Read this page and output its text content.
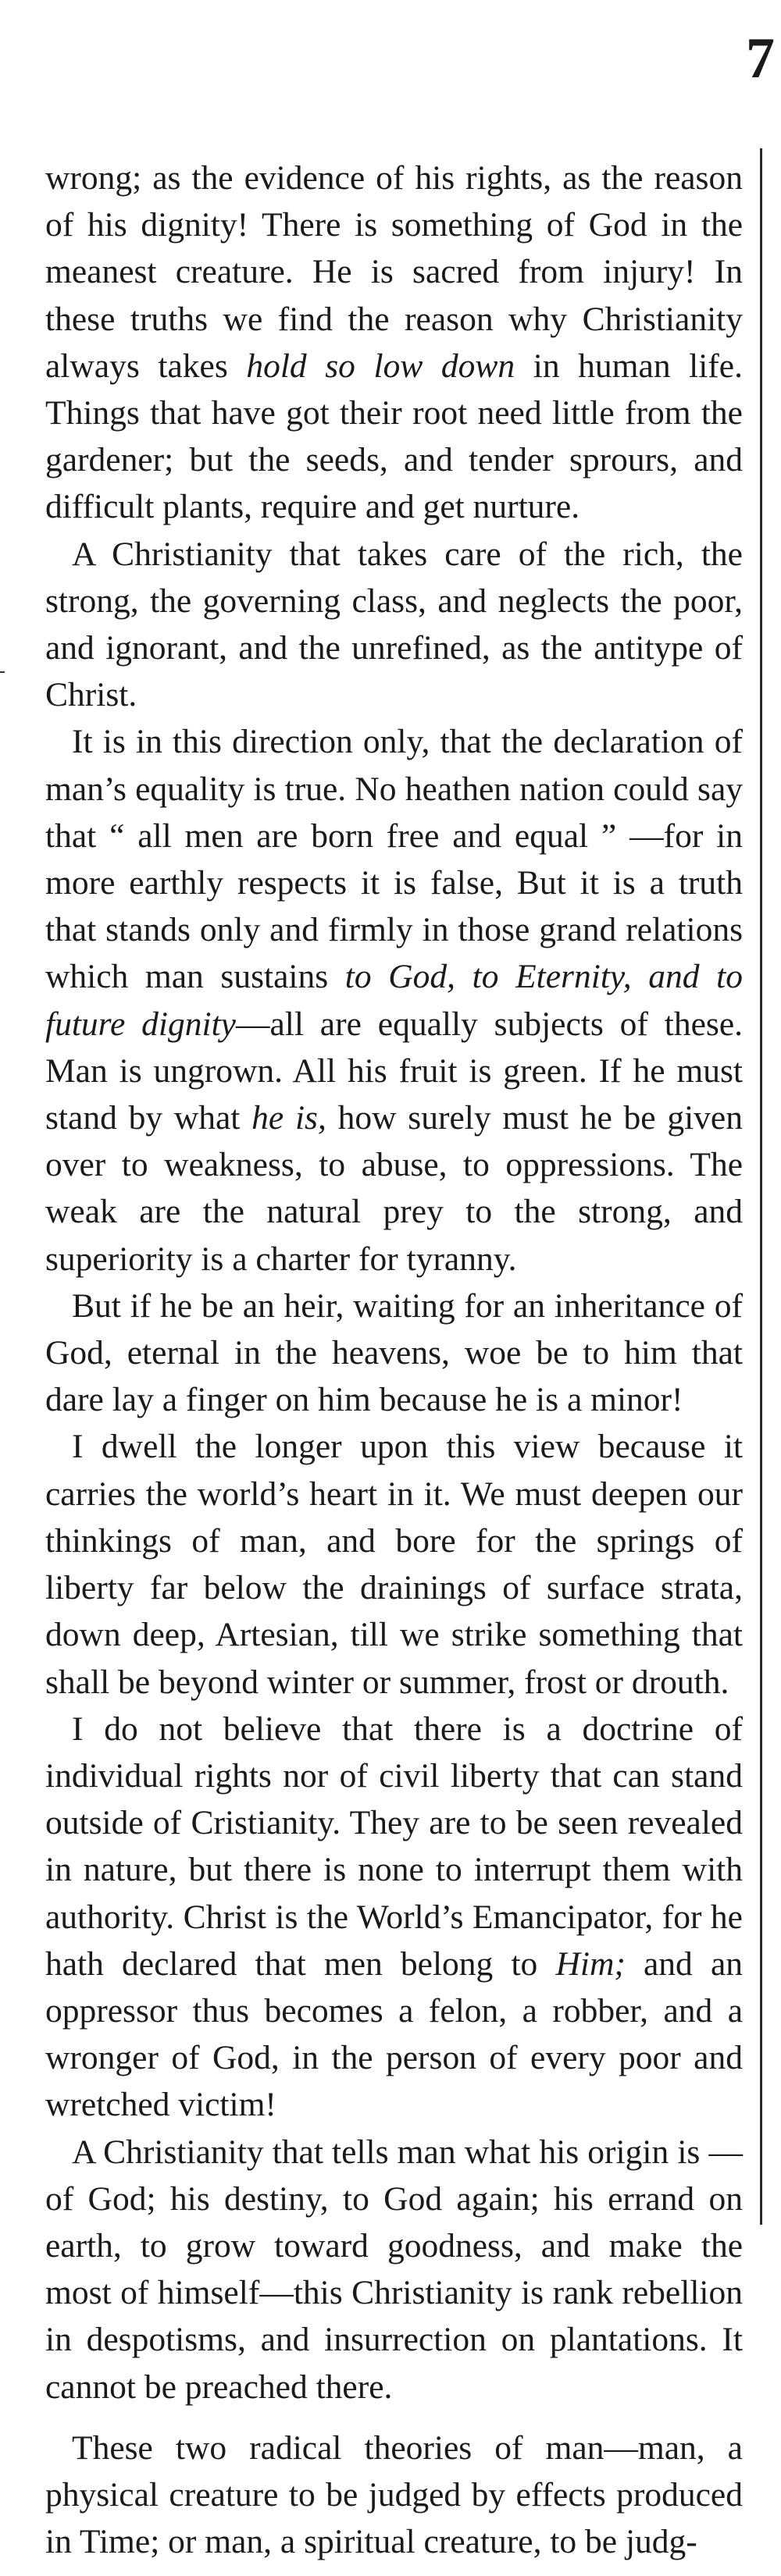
7

wrong; as the evidence of his rights, as the reason of his dignity! There is something of God in the meanest creature. He is sacred from injury! In these truths we find the reason why Christianity always takes hold so low down in human life. Things that have got their root need little from the gardener; but the seeds, and tender sprours, and difficult plants, require and get nurture.

A Christianity that takes care of the rich, the strong, the governing class, and neglects the poor, and ignorant, and the unrefined, as the antitype of Christ.

It is in this direction only, that the declaration of man’s equality is true. No heathen nation could say that “ all men are born free and equal ” —for in more earthly respects it is false, But it is a truth that stands only and firmly in those grand relations which man sustains to God, to Eternity, and to future dignity—all are equally subjects of these. Man is ungrown. All his fruit is green. If he must stand by what he is, how surely must he be given over to weakness, to abuse, to oppressions. The weak are the natural prey to the strong, and superiority is a charter for tyranny.

But if he be an heir, waiting for an inheritance of God, eternal in the heavens, woe be to him that dare lay a finger on him because he is a minor!

I dwell the longer upon this view because it carries the world’s heart in it. We must deepen our thinkings of man, and bore for the springs of liberty far below the drainings of surface strata, down deep, Artesian, till we strike something that shall be beyond winter or summer, frost or drouth.

I do not believe that there is a doctrine of individual rights nor of civil liberty that can stand outside of Cristianity. They are to be seen revealed in nature, but there is none to interrupt them with authority. Christ is the World’s Emancipator, for he hath declared that men belong to Him; and an oppressor thus becomes a felon, a robber, and a wronger of God, in the person of every poor and wretched victim!

A Christianity that tells man what his origin is —of God; his destiny, to God again; his errand on earth, to grow toward goodness, and make the most of himself—this Christianity is rank rebellion in despotisms, and insurrection on plantations. It cannot be preached there.

These two radical theories of man—man, a physical creature to be judged by effects produced in Time; or man, a spiritual creature, to be judg-
